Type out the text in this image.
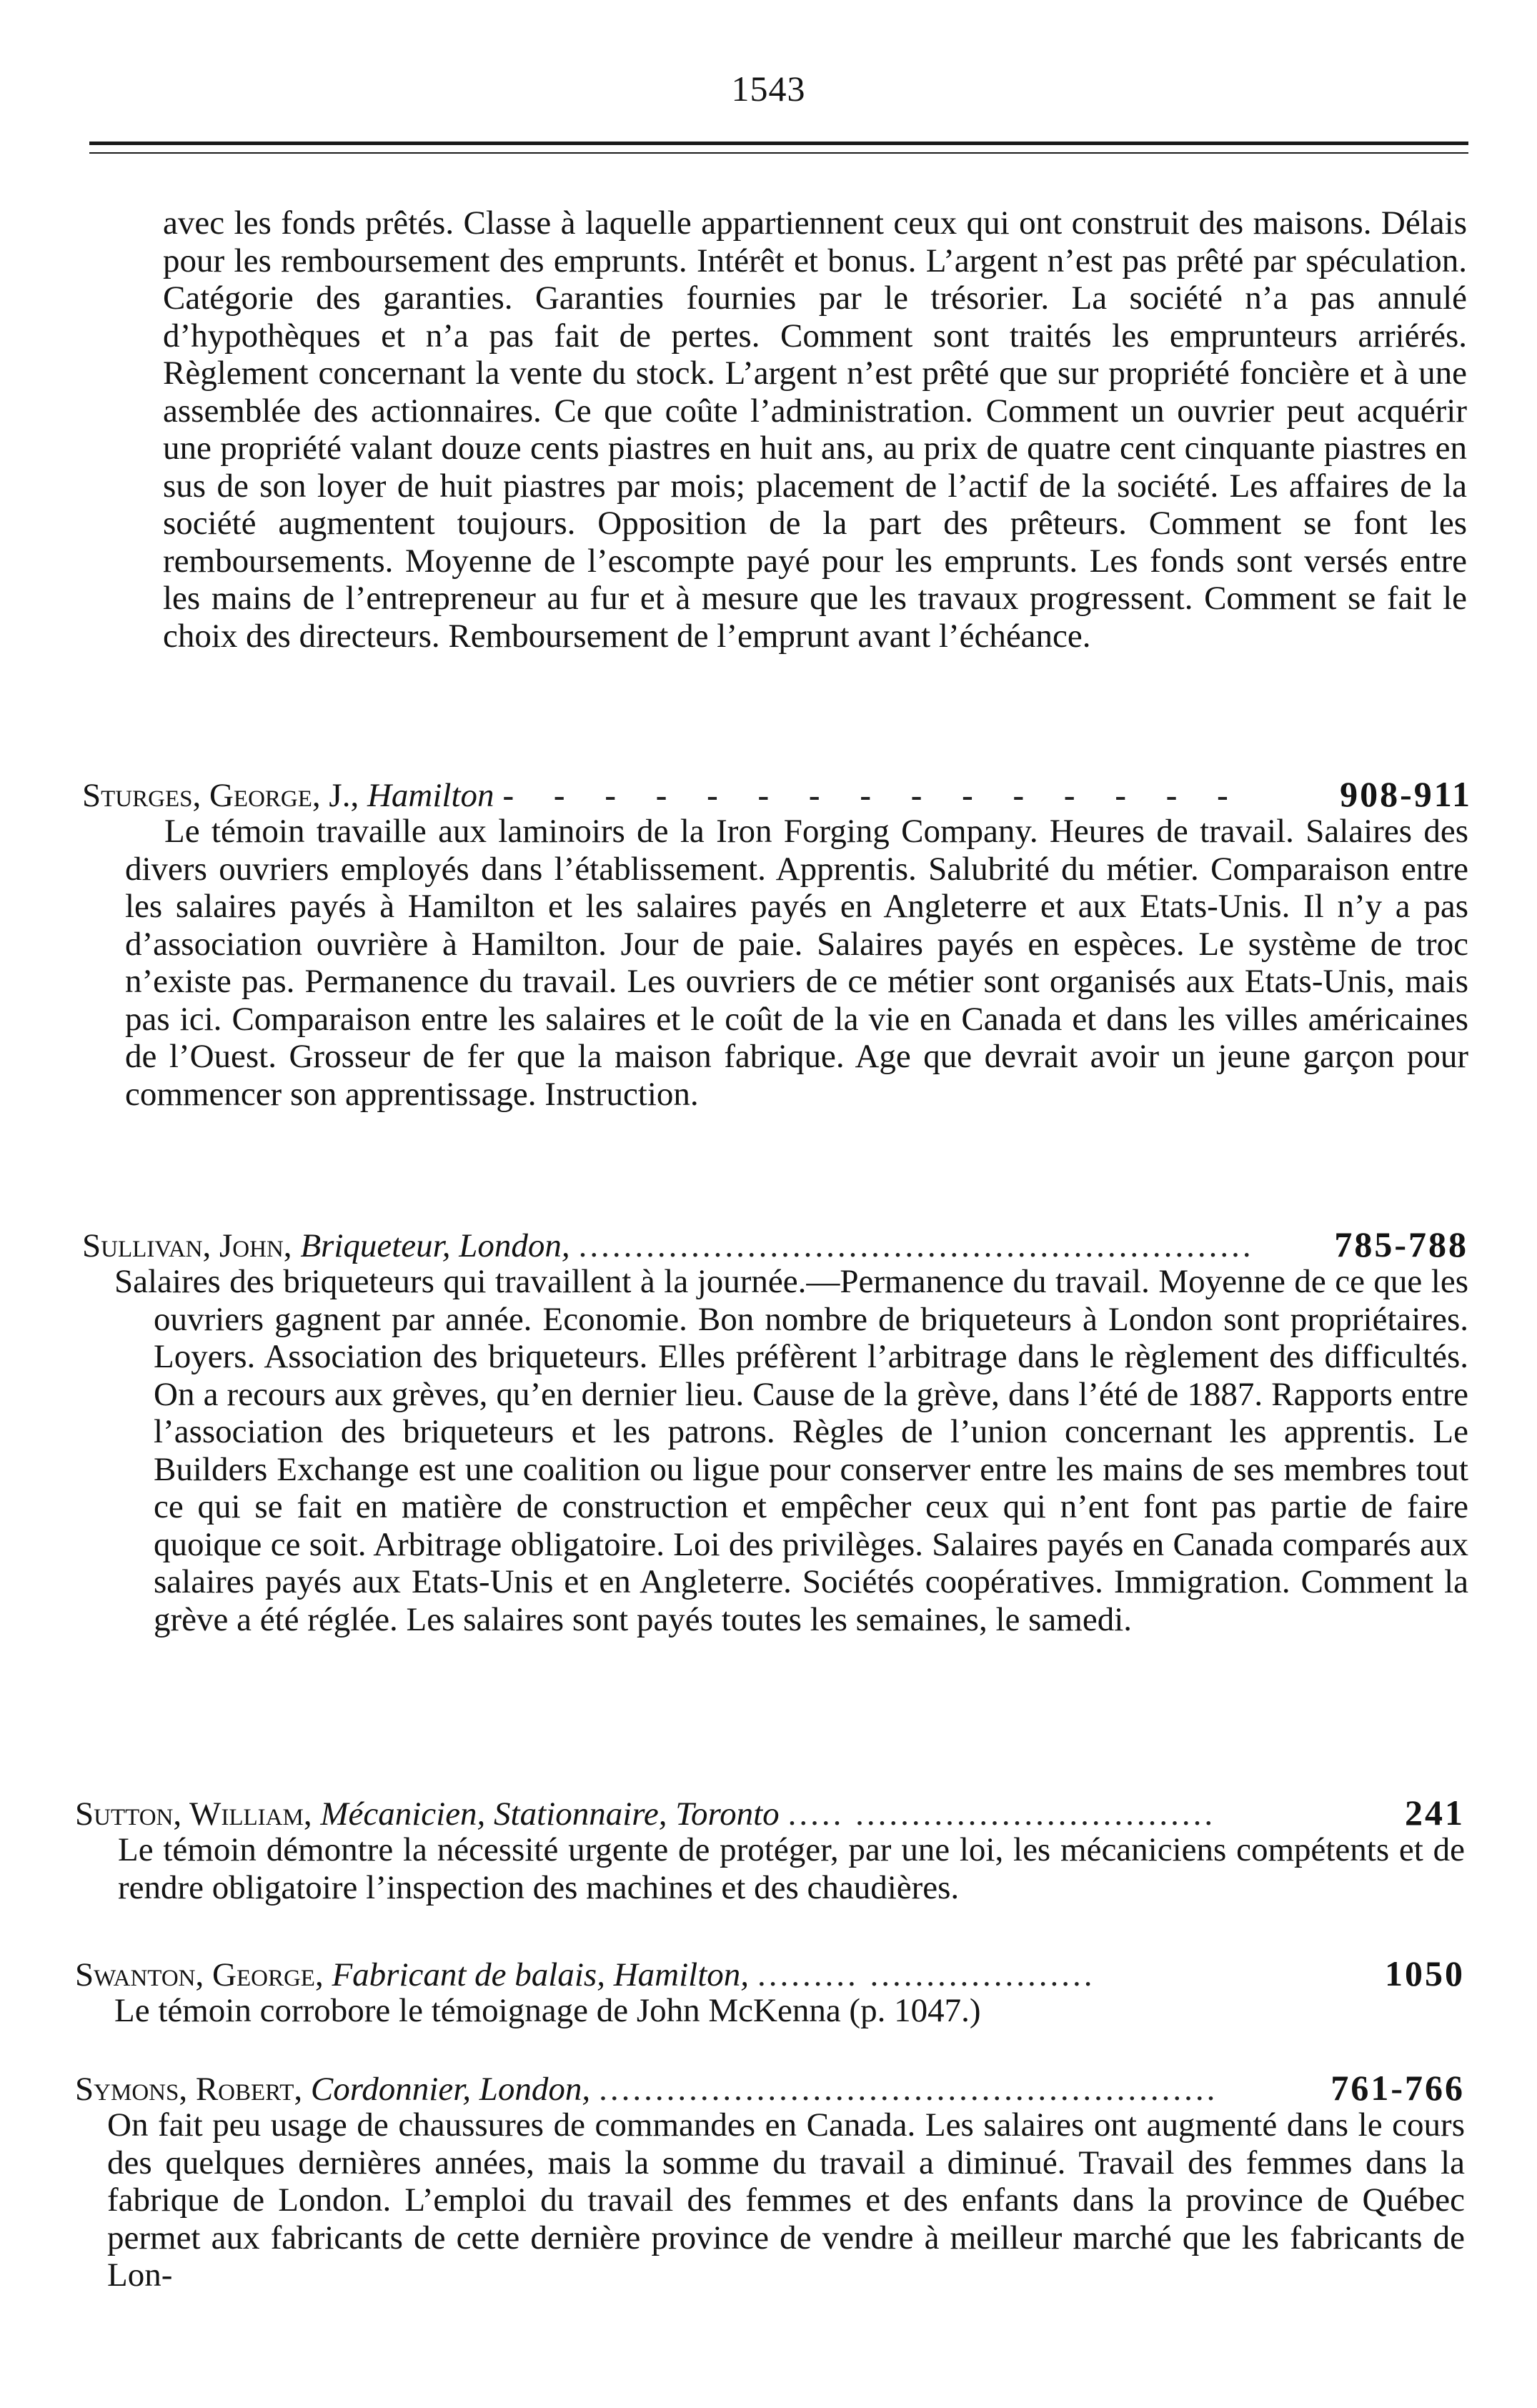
1543

avec les fonds prêtés. Classe à laquelle appartiennent ceux qui ont construit des maisons. Délais pour les remboursement des emprunts. Intérêt et bonus. L’argent n’est pas prêté par spéculation. Catégorie des garanties. Garanties fournies par le trésorier. La société n’a pas annulé d’hypothèques et n’a pas fait de pertes. Comment sont traités les emprunteurs arriérés. Règlement concernant la vente du stock. L’argent n’est prêté que sur propriété foncière et à une assemblée des actionnaires. Ce que coûte l’administration. Comment un ouvrier peut acquérir une propriété valant douze cents piastres en huit ans, au prix de quatre cent cinquante piastres en sus de son loyer de huit piastres par mois; placement de l’actif de la société. Les affaires de la société augmentent toujours. Opposition de la part des prêteurs. Comment se font les remboursements. Moyenne de l’escompte payé pour les emprunts. Les fonds sont versés entre les mains de l’entrepreneur au fur et à mesure que les travaux progressent. Comment se fait le choix des directeurs. Remboursement de l’emprunt avant l’échéance.

Sturges, George, J.,
Hamilton - - - - - - - - - - - - - - -	908-911

Le témoin travaille aux laminoirs de la Iron Forging Company. Heures de travail. Salaires des divers ouvriers employés dans l’établissement. Apprentis. Salubrité du métier. Comparaison entre les salaires payés à Hamilton et les salaires payés en Angleterre et aux Etats-Unis. Il n’y a pas d’association ouvrière à Hamilton. Jour de paie. Salaires payés en espèces. Le système de troc n’existe pas. Permanence du travail. Les ouvriers de ce métier sont organisés aux Etats-Unis, mais pas ici. Comparaison entre les salaires et le coût de la vie en Canada et dans les villes américaines de l’Ouest. Grosseur de fer que la maison fabrique. Age que devrait avoir un jeune garçon pour commencer son apprentissage. Instruction.

Sullivan, John,
Briqueteur, London, ............................................................	785-788

Salaires des briqueteurs qui travaillent à la journée.—Permanence du travail. Moyenne de ce que les ouvriers gagnent par année. Economie. Bon nombre de briqueteurs à London sont propriétaires. Loyers. Association des briqueteurs. Elles préfèrent l’arbitrage dans le règlement des difficultés. On a recours aux grèves, qu’en dernier lieu. Cause de la grève, dans l’été de 1887. Rapports entre l’association des briqueteurs et les patrons. Règles de l’union concernant les apprentis. Le Builders Exchange est une coalition ou ligue pour conserver entre les mains de ses membres tout ce qui se fait en matière de construction et empêcher ceux qui n’ent font pas partie de faire quoique ce soit. Arbitrage obligatoire. Loi des privilèges. Salaires payés en Canada comparés aux salaires payés aux Etats-Unis et en Angleterre. Sociétés coopératives. Immigration. Comment la grève a été réglée. Les salaires sont payés toutes les semaines, le samedi.

Sutton, William,
Mécanicien, Stationnaire, Toronto ..... ................................	241

Le témoin démontre la nécessité urgente de protéger, par une loi, les mécaniciens compétents et de rendre obligatoire l’inspection des machines et des chaudières.

Swanton, George,
Fabricant de balais, Hamilton, ......... ....................	1050

Le témoin corrobore le témoignage de John McKenna (p. 1047.)

Symons, Robert,
Cordonnier, London, .......................................................	761-766

On fait peu usage de chaussures de commandes en Canada. Les salaires ont augmenté dans le cours des quelques dernières années, mais la somme du travail a diminué. Travail des femmes dans la fabrique de London. L’emploi du travail des femmes et des enfants dans la province de Québec permet aux fabricants de cette dernière province de vendre à meilleur marché que les fabricants de Lon-
